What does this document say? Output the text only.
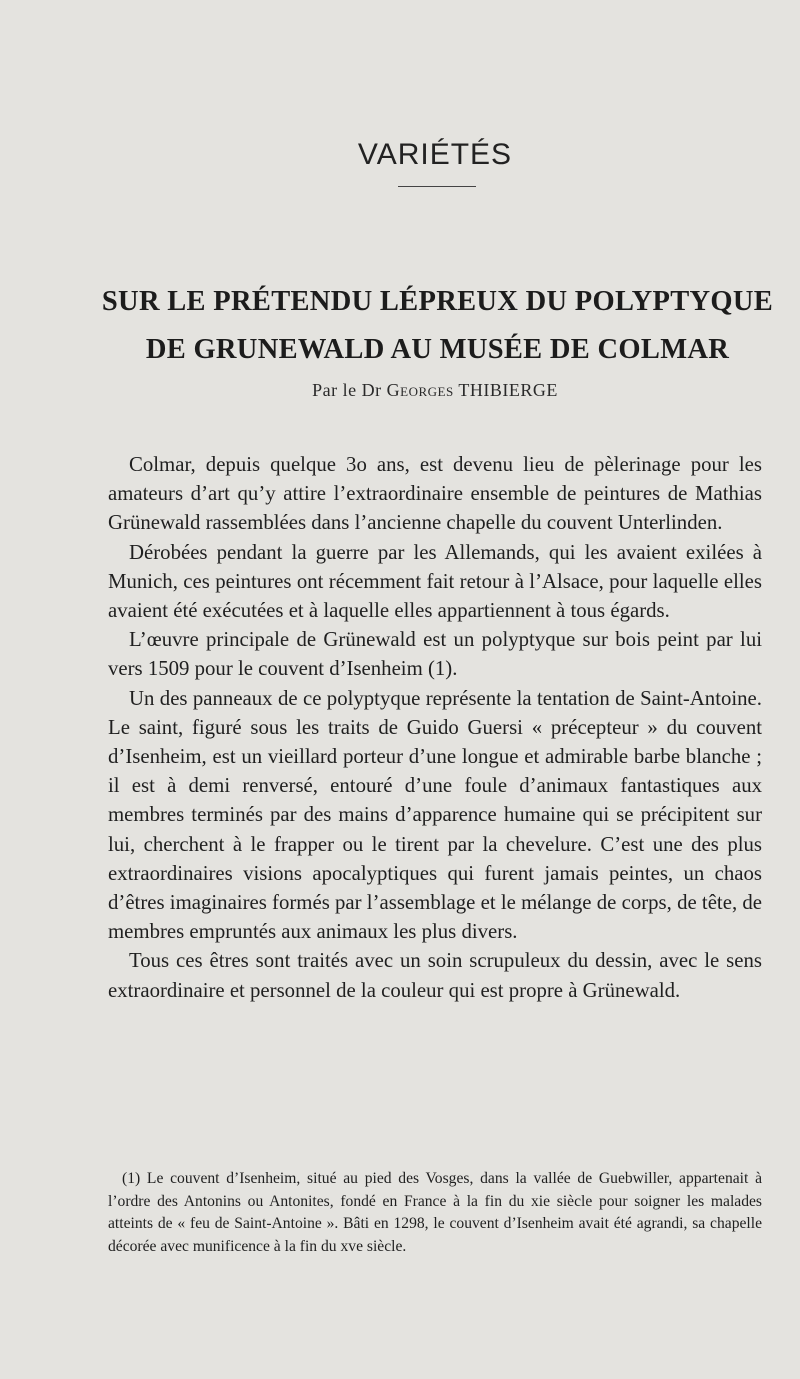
VARIÉTÉS
SUR LE PRÉTENDU LÉPREUX DU POLYPTYQUE
DE GRUNEWALD AU MUSÉE DE COLMAR
Par le Dr Georges THIBIERGE

Colmar, depuis quelque 3o ans, est devenu lieu de pèlerinage pour les amateurs d’art qu’y attire l’extraordinaire ensemble de peintures de Mathias Grünewald rassemblées dans l’ancienne chapelle du couvent Unterlinden.

Dérobées pendant la guerre par les Allemands, qui les avaient exilées à Munich, ces peintures ont récemment fait retour à l’Alsace, pour laquelle elles avaient été exécutées et à laquelle elles appartiennent à tous égards.

L’œuvre principale de Grünewald est un polyptyque sur bois peint par lui vers 1509 pour le couvent d’Isenheim (1).

Un des panneaux de ce polyptyque représente la tentation de Saint-Antoine. Le saint, figuré sous les traits de Guido Guersi « précepteur » du couvent d’Isenheim, est un vieillard porteur d’une longue et admirable barbe blanche ; il est à demi renversé, entouré d’une foule d’animaux fantastiques aux membres terminés par des mains d’apparence humaine qui se précipitent sur lui, cherchent à le frapper ou le tirent par la chevelure. C’est une des plus extraordinaires visions apocalyptiques qui furent jamais peintes, un chaos d’êtres imaginaires formés par l’assemblage et le mélange de corps, de tête, de membres empruntés aux animaux les plus divers.

Tous ces êtres sont traités avec un soin scrupuleux du dessin, avec le sens extraordinaire et personnel de la couleur qui est propre à Grünewald.

(1) Le couvent d’Isenheim, situé au pied des Vosges, dans la vallée de Guebwiller, appartenait à l’ordre des Antonins ou Antonites, fondé en France à la fin du xie siècle pour soigner les malades atteints de « feu de Saint-Antoine ». Bâti en 1298, le couvent d’Isenheim avait été agrandi, sa chapelle décorée avec munificence à la fin du xve siècle.
